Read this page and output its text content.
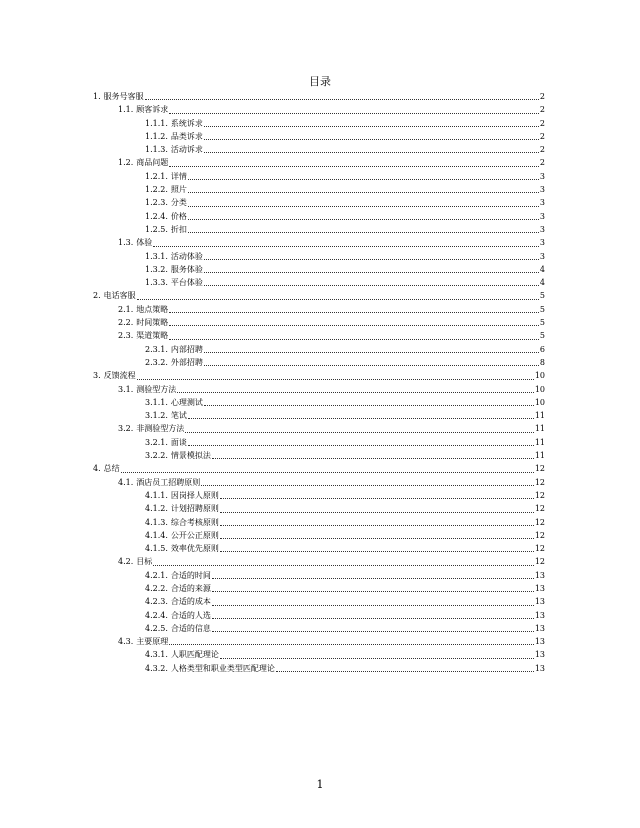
目录
1. 服务号客服	2
1.1. 顾客诉求	2
1.1.1. 系统诉求	2
1.1.2. 品类诉求	2
1.1.3. 活动诉求	2
1.2. 商品问题	2
1.2.1. 详情	3
1.2.2. 照片	3
1.2.3. 分类	3
1.2.4. 价格	3
1.2.5. 折扣	3
1.3. 体验	3
1.3.1. 活动体验	3
1.3.2. 服务体验	4
1.3.3. 平台体验	4
2. 电话客服	5
2.1. 地点策略	5
2.2. 时间策略	5
2.3. 渠道策略	5
2.3.1. 内部招聘	6
2.3.2. 外部招聘	8
3. 反馈流程	10
3.1. 测验型方法	10
3.1.1. 心理测试	10
3.1.2. 笔试	11
3.2. 非测验型方法	11
3.2.1. 面谈	11
3.2.2. 情景模拟法	11
4. 总结	12
4.1. 酒店员工招聘原则	12
4.1.1. 因岗择人原则	12
4.1.2. 计划招聘原则	12
4.1.3. 综合考核原则	12
4.1.4. 公开公正原则	12
4.1.5. 效率优先原则	12
4.2. 目标	12
4.2.1. 合适的时间	13
4.2.2. 合适的来源	13
4.2.3. 合适的成本	13
4.2.4. 合适的人选	13
4.2.5. 合适的信息	13
4.3. 主要原理	13
4.3.1. 人职匹配理论	13
4.3.2. 人格类型和职业类型匹配理论	13
1
